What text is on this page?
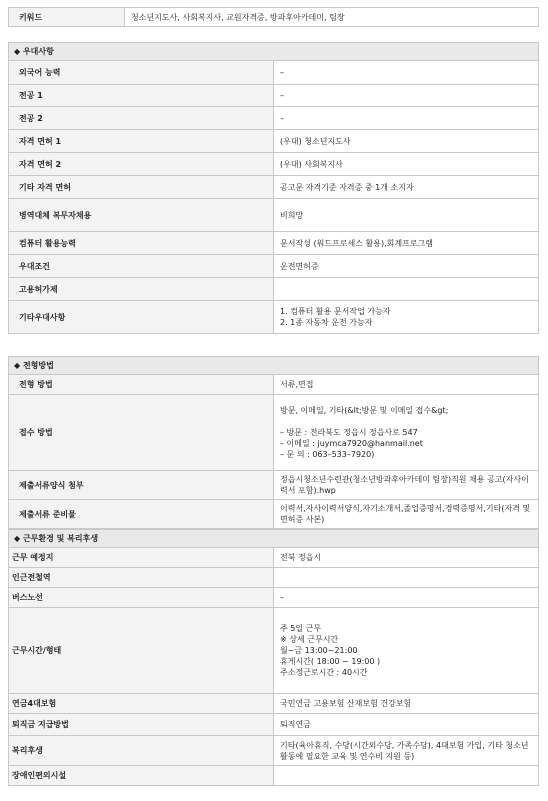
키워드	청소년지도사, 사회복지사, 교원자격증, 방과후아카데미, 팀장
◆ 우대사항	
외국어 능력	–
전공 1	–
전공 2	–
자격 면허 1	(우대) 청소년지도사
자격 면허 2	(우대) 사회복지사
기타 자격 면허	공고문 자격기준 자격증 중 1개 소지자
병역대체 복무자채용	비희망
컴퓨터 활용능력	문서작성 (워드프로세스 활용),회계프로그램
우대조건	운전면허증
고용허가제	
기타우대사항	1. 컴퓨터 활용 문서작업 가능자
2. 1종 자동차 운전 가능자
◆ 전형방법	
전형 방법	서류,면접
접수 방법	방문, 이메일, 기타(&lt;방문 및 이메일 접수&gt;

– 방문 : 전라북도 정읍시 정읍사로 547
– 이메일 : juymca7920@hanmail.net
– 문 의 : 063–533–7920)
제출서류양식 첨부	정읍시청소년수련관(청소년방과후아카데미 팀장)직원 채용 공고(자사이력서 포함).hwp
제출서류 준비물	이력서,자사이력서양식,자기소개서,졸업증명서,경력증명서,기타(자격 및 면허증 사본)
◆ 근무환경 및 복리후생	
근무 예정지	전북 정읍시
인근전철역	
버스노선	–
근무시간/형태	주 5일 근무
※ 상세 근무시간
월~금 13:00~21:00
휴게시간( 18:00 ~ 19:00 )
주소정근로시간 : 40시간
연금4대보험	국민연금 고용보험 산재보험 건강보험
퇴직금 지급방법	퇴직연금
복리후생	기타(육아휴직, 수당(시간외수당, 가족수당), 4대보험 가입, 기타 청소년 활동에 필요한 교육 및 연수비 지원 등)
장애인편의시설	
